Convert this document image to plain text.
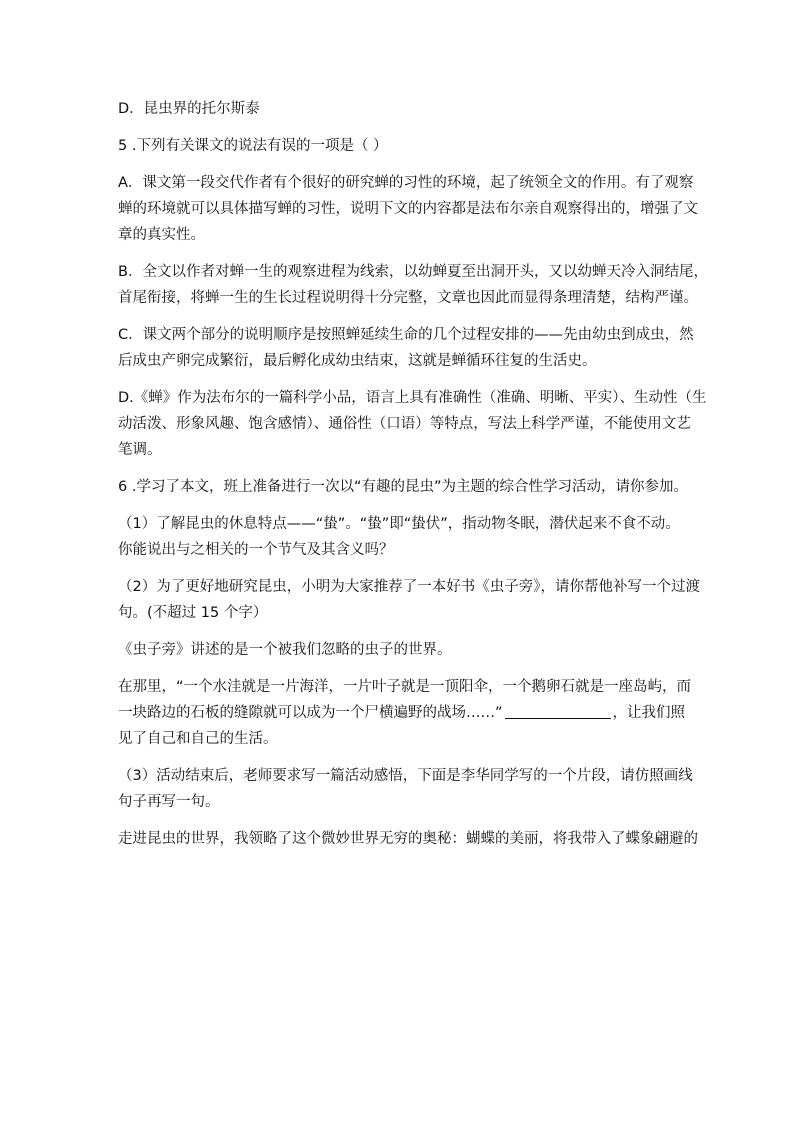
D．昆虫界的托尔斯泰

5 .下列有关课文的说法有误的一项是（ ）

A．课文第一段交代作者有个很好的研究蝉的习性的环境，起了统领全文的作用。有了观察
蝉的环境就可以具体描写蝉的习性，说明下文的内容都是法布尔亲自观察得出的，增强了文
章的真实性。

B．全文以作者对蝉一生的观察进程为线索，以幼蝉夏至出洞开头，又以幼蝉天冷入洞结尾，
首尾衔接，将蝉一生的生长过程说明得十分完整，文章也因此而显得条理清楚，结构严谨。

C．课文两个部分的说明顺序是按照蝉延续生命的几个过程安排的——先由幼虫到成虫，然
后成虫产卵完成繁衍，最后孵化成幼虫结束，这就是蝉循环往复的生活史。

D.《蝉》作为法布尔的一篇科学小品，语言上具有准确性（准确、明晰、平实）、生动性（生
动活泼、形象风趣、饱含感情）、通俗性（口语）等特点，写法上科学严谨，不能使用文艺
笔调。

6 .学习了本文，班上准备进行一次以“有趣的昆虫”为主题的综合性学习活动，请你参加。

（1）了解昆虫的休息特点——“蛰”。“蛰”即“蛰伏”，指动物冬眠，潜伏起来不食不动。
你能说出与之相关的一个节气及其含义吗？

（2）为了更好地研究昆虫，小明为大家推荐了一本好书《虫子旁》，请你帮他补写一个过渡
句。(不超过 15 个字）

《虫子旁》讲述的是一个被我们忽略的虫子的世界。

在那里，“一个水洼就是一片海洋，一片叶子就是一顶阳伞，一个鹅卵石就是一座岛屿，而
一块路边的石板的缝隙就可以成为一个尸横遍野的战场……”	，让我们照
见了自己和自己的生活。

（3）活动结束后，老师要求写一篇活动感悟，下面是李华同学写的一个片段，请仿照画线
句子再写一句。

走进昆虫的世界，我领略了这个微妙世界无穷的奥秘：蝴蝶的美丽，将我带入了蝶象翩避的
